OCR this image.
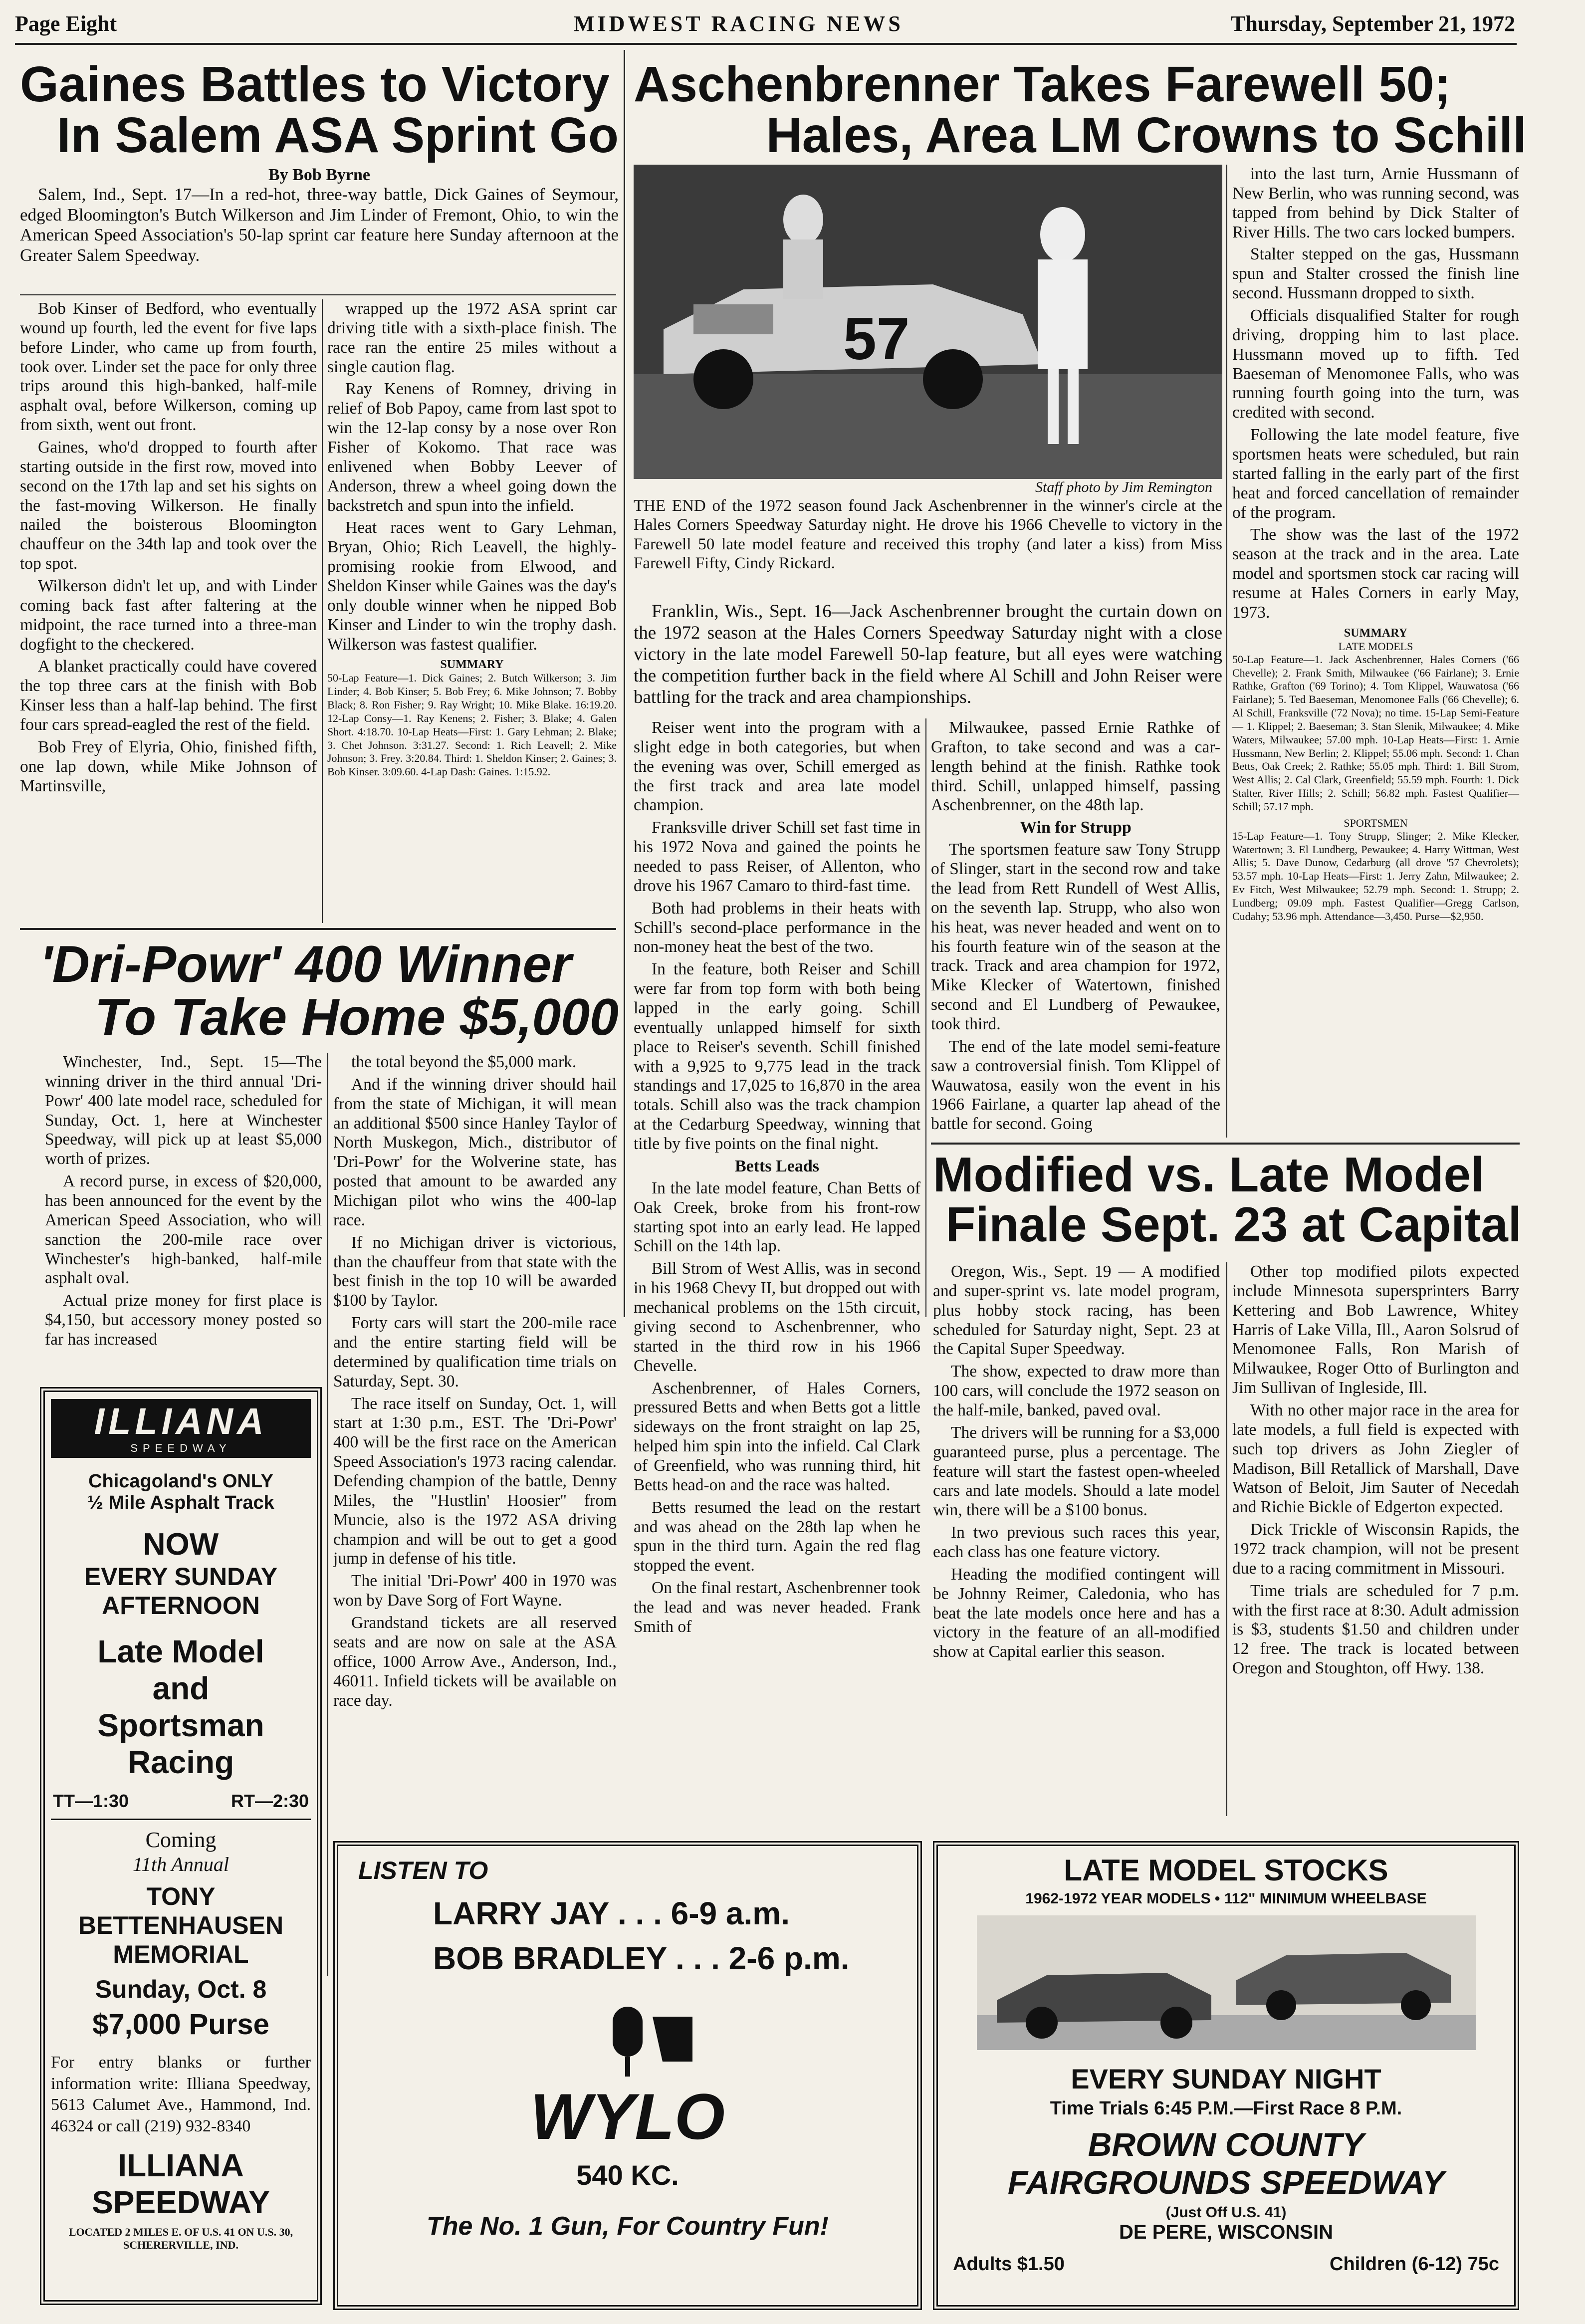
Page Eight	MIDWEST RACING NEWS	Thursday, September 21, 1972
Gaines Battles to Victory
In Salem ASA Sprint Go
By Bob Byrne

Salem, Ind., Sept. 17—In a red-hot, three-way battle, Dick Gaines of Seymour, edged Bloomington's Butch Wilkerson and Jim Linder of Fremont, Ohio, to win the American Speed Association's 50-lap sprint car feature here Sunday afternoon at the Greater Salem Speedway.

Bob Kinser of Bedford, who eventually wound up fourth, led the event for five laps before Linder, who came up from fourth, took over. Linder set the pace for only three trips around this high-banked, half-mile asphalt oval, before Wilkerson, coming up from sixth, went out front.

Gaines, who'd dropped to fourth after starting outside in the first row, moved into second on the 17th lap and set his sights on the fast-moving Wilkerson. He finally nailed the boisterous Bloomington chauffeur on the 34th lap and took over the top spot.

Wilkerson didn't let up, and with Linder coming back fast after faltering at the midpoint, the race turned into a three-man dogfight to the checkered.

A blanket practically could have covered the top three cars at the finish with Bob Kinser less than a half-lap behind. The first four cars spread-eagled the rest of the field.

Bob Frey of Elyria, Ohio, finished fifth, one lap down, while Mike Johnson of Martinsville,

wrapped up the 1972 ASA sprint car driving title with a sixth-place finish. The race ran the entire 25 miles without a single caution flag.

Ray Kenens of Romney, driving in relief of Bob Papoy, came from last spot to win the 12-lap consy by a nose over Ron Fisher of Kokomo. That race was enlivened when Bobby Leever of Anderson, threw a wheel going down the backstretch and spun into the infield.

Heat races went to Gary Lehman, Bryan, Ohio; Rich Leavell, the highly-promising rookie from Elwood, and Sheldon Kinser while Gaines was the day's only double winner when he nipped Bob Kinser and Linder to win the trophy dash. Wilkerson was fastest qualifier.

SUMMARY
50-Lap Feature—1. Dick Gaines; 2. Butch Wilkerson; 3. Jim Linder; 4. Bob Kinser; 5. Bob Frey; 6. Mike Johnson; 7. Bobby Black; 8. Ron Fisher; 9. Ray Wright; 10. Mike Blake. 16:19.20. 12-Lap Consy—1. Ray Kenens; 2. Fisher; 3. Blake; 4. Galen Short. 4:18.70. 10-Lap Heats—First: 1. Gary Lehman; 2. Blake; 3. Chet Johnson. 3:31.27. Second: 1. Rich Leavell; 2. Mike Johnson; 3. Frey. 3:20.84. Third: 1. Sheldon Kinser; 2. Gaines; 3. Bob Kinser. 3:09.60. 4-Lap Dash: Gaines. 1:15.92.
'Dri-Powr' 400 Winner
To Take Home $5,000

Winchester, Ind., Sept. 15—The winning driver in the third annual 'Dri-Powr' 400 late model race, scheduled for Sunday, Oct. 1, here at Winchester Speedway, will pick up at least $5,000 worth of prizes.

A record purse, in excess of $20,000, has been announced for the event by the American Speed Association, who will sanction the 200-mile race over Winchester's high-banked, half-mile asphalt oval.

Actual prize money for first place is $4,150, but accessory money posted so far has increased

the total beyond the $5,000 mark.

And if the winning driver should hail from the state of Michigan, it will mean an additional $500 since Hanley Taylor of North Muskegon, Mich., distributor of 'Dri-Powr' for the Wolverine state, has posted that amount to be awarded any Michigan pilot who wins the 400-lap race.

If no Michigan driver is victorious, than the chauffeur from that state with the best finish in the top 10 will be awarded $100 by Taylor.

Forty cars will start the 200-mile race and the entire starting field will be determined by qualification time trials on Saturday, Sept. 30.

The race itself on Sunday, Oct. 1, will start at 1:30 p.m., EST. The 'Dri-Powr' 400 will be the first race on the American Speed Association's 1973 racing calendar. Defending champion of the battle, Denny Miles, the "Hustlin' Hoosier" from Muncie, also is the 1972 ASA driving champion and will be out to get a good jump in defense of his title.

The initial 'Dri-Powr' 400 in 1970 was won by Dave Sorg of Fort Wayne.

Grandstand tickets are all reserved seats and are now on sale at the ASA office, 1000 Arrow Ave., Anderson, Ind., 46011. Infield tickets will be available on race day.

ILLIANA
SPEEDWAY
Chicagoland's ONLY
½ Mile Asphalt Track
NOW
EVERY SUNDAY
AFTERNOON
Late Model
and
Sportsman Racing
TT—1:30	RT—2:30
Coming
11th Annual
TONY BETTENHAUSEN
MEMORIAL
Sunday, Oct. 8
$7,000 Purse
For entry blanks or further information write: Illiana Speedway, 5613 Calumet Ave., Hammond, Ind. 46324 or call (219) 932-8340
ILLIANA
SPEEDWAY
LOCATED 2 MILES E. OF U.S. 41 ON U.S. 30, SCHERERVILLE, IND.
Aschenbrenner Takes Farewell 50;
Hales, Area LM Crowns to Schill
57
Staff photo by Jim Remington

THE END of the 1972 season found Jack Aschenbrenner in the winner's circle at the Hales Corners Speedway Saturday night. He drove his 1966 Chevelle to victory in the Farewell 50 late model feature and received this trophy (and later a kiss) from Miss Farewell Fifty, Cindy Rickard.

Franklin, Wis., Sept. 16—Jack Aschenbrenner brought the curtain down on the 1972 season at the Hales Corners Speedway Saturday night with a close victory in the late model Farewell 50-lap feature, but all eyes were watching the competition further back in the field where Al Schill and John Reiser were battling for the track and area championships.

Reiser went into the program with a slight edge in both categories, but when the evening was over, Schill emerged as the first track and area late model champion.

Franksville driver Schill set fast time in his 1972 Nova and gained the points he needed to pass Reiser, of Allenton, who drove his 1967 Camaro to third-fast time.

Both had problems in their heats with Schill's second-place performance in the non-money heat the best of the two.

In the feature, both Reiser and Schill were far from top form with both being lapped in the early going. Schill eventually unlapped himself for sixth place to Reiser's seventh. Schill finished with a 9,925 to 9,775 lead in the track standings and 17,025 to 16,870 in the area totals. Schill also was the track champion at the Cedarburg Speedway, winning that title by five points on the final night.

Betts Leads

In the late model feature, Chan Betts of Oak Creek, broke from his front-row starting spot into an early lead. He lapped Schill on the 14th lap.

Bill Strom of West Allis, was in second in his 1968 Chevy II, but dropped out with mechanical problems on the 15th circuit, giving second to Aschenbrenner, who started in the third row in his 1966 Chevelle.

Aschenbrenner, of Hales Corners, pressured Betts and when Betts got a little sideways on the front straight on lap 25, helped him spin into the infield. Cal Clark of Greenfield, who was running third, hit Betts head-on and the race was halted.

Betts resumed the lead on the restart and was ahead on the 28th lap when he spun in the third turn. Again the red flag stopped the event.

On the final restart, Aschenbrenner took the lead and was never headed. Frank Smith of

Milwaukee, passed Ernie Rathke of Grafton, to take second and was a car-length behind at the finish. Rathke took third. Schill, unlapped himself, passing Aschenbrenner, on the 48th lap.

Win for Strupp

The sportsmen feature saw Tony Strupp of Slinger, start in the second row and take the lead from Rett Rundell of West Allis, on the seventh lap. Strupp, who also won his heat, was never headed and went on to his fourth feature win of the season at the track. Track and area champion for 1972, Mike Klecker of Watertown, finished second and El Lundberg of Pewaukee, took third.

The end of the late model semi-feature saw a controversial finish. Tom Klippel of Wauwatosa, easily won the event in his 1966 Fairlane, a quarter lap ahead of the battle for second. Going

into the last turn, Arnie Hussmann of New Berlin, who was running second, was tapped from behind by Dick Stalter of River Hills. The two cars locked bumpers.

Stalter stepped on the gas, Hussmann spun and Stalter crossed the finish line second. Hussmann dropped to sixth.

Officials disqualified Stalter for rough driving, dropping him to last place. Hussmann moved up to fifth. Ted Baeseman of Menomonee Falls, who was running fourth going into the turn, was credited with second.

Following the late model feature, five sportsmen heats were scheduled, but rain started falling in the early part of the first heat and forced cancellation of remainder of the program.

The show was the last of the 1972 season at the track and in the area. Late model and sportsmen stock car racing will resume at Hales Corners in early May, 1973.

SUMMARY
LATE MODELS
50-Lap Feature—1. Jack Aschenbrenner, Hales Corners ('66 Chevelle); 2. Frank Smith, Milwaukee ('66 Fairlane); 3. Ernie Rathke, Grafton ('69 Torino); 4. Tom Klippel, Wauwatosa ('66 Fairlane); 5. Ted Baeseman, Menomonee Falls ('66 Chevelle); 6. Al Schill, Franksville ('72 Nova); no time. 15-Lap Semi-Feature — 1. Klippel; 2. Baeseman; 3. Stan Slenik, Milwaukee; 4. Mike Waters, Milwaukee; 57.00 mph. 10-Lap Heats—First: 1. Arnie Hussmann, New Berlin; 2. Klippel; 55.06 mph. Second: 1. Chan Betts, Oak Creek; 2. Rathke; 55.05 mph. Third: 1. Bill Strom, West Allis; 2. Cal Clark, Greenfield; 55.59 mph. Fourth: 1. Dick Stalter, River Hills; 2. Schill; 56.82 mph. Fastest Qualifier—Schill; 57.17 mph.
SPORTSMEN
15-Lap Feature—1. Tony Strupp, Slinger; 2. Mike Klecker, Watertown; 3. El Lundberg, Pewaukee; 4. Harry Wittman, West Allis; 5. Dave Dunow, Cedarburg (all drove '57 Chevrolets); 53.57 mph. 10-Lap Heats—First: 1. Jerry Zahn, Milwaukee; 2. Ev Fitch, West Milwaukee; 52.79 mph. Second: 1. Strupp; 2. Lundberg; 09.09 mph. Fastest Qualifier—Gregg Carlson, Cudahy; 53.96 mph. Attendance—3,450. Purse—$2,950.
Modified vs. Late Model
Finale Sept. 23 at Capital

Oregon, Wis., Sept. 19 — A modified and super-sprint vs. late model program, plus hobby stock racing, has been scheduled for Saturday night, Sept. 23 at the Capital Super Speedway.

The show, expected to draw more than 100 cars, will conclude the 1972 season on the half-mile, banked, paved oval.

The drivers will be running for a $3,000 guaranteed purse, plus a percentage. The feature will start the fastest open-wheeled cars and late models. Should a late model win, there will be a $100 bonus.

In two previous such races this year, each class has one feature victory.

Heading the modified contingent will be Johnny Reimer, Caledonia, who has beat the late models once here and has a victory in the feature of an all-modified show at Capital earlier this season.

Other top modified pilots expected include Minnesota supersprinters Barry Kettering and Bob Lawrence, Whitey Harris of Lake Villa, Ill., Aaron Solsrud of Menomonee Falls, Ron Marish of Milwaukee, Roger Otto of Burlington and Jim Sullivan of Ingleside, Ill.

With no other major race in the area for late models, a full field is expected with such top drivers as John Ziegler of Madison, Bill Retallick of Marshall, Dave Watson of Beloit, Jim Sauter of Necedah and Richie Bickle of Edgerton expected.

Dick Trickle of Wisconsin Rapids, the 1972 track champion, will not be present due to a racing commitment in Missouri.

Time trials are scheduled for 7 p.m. with the first race at 8:30. Adult admission is $3, students $1.50 and children under 12 free. The track is located between Oregon and Stoughton, off Hwy. 138.

LISTEN TO
LARRY JAY . . . 6-9 a.m.
BOB BRADLEY . . . 2-6 p.m.
WYLO
540 KC.
The No. 1 Gun, For Country Fun!
LATE MODEL STOCKS
1962-1972 YEAR MODELS • 112" MINIMUM WHEELBASE
EVERY SUNDAY NIGHT
Time Trials 6:45 P.M.—First Race 8 P.M.
BROWN COUNTY
FAIRGROUNDS SPEEDWAY
(Just Off U.S. 41)
DE PERE, WISCONSIN
Adults $1.50	Children (6-12) 75c
